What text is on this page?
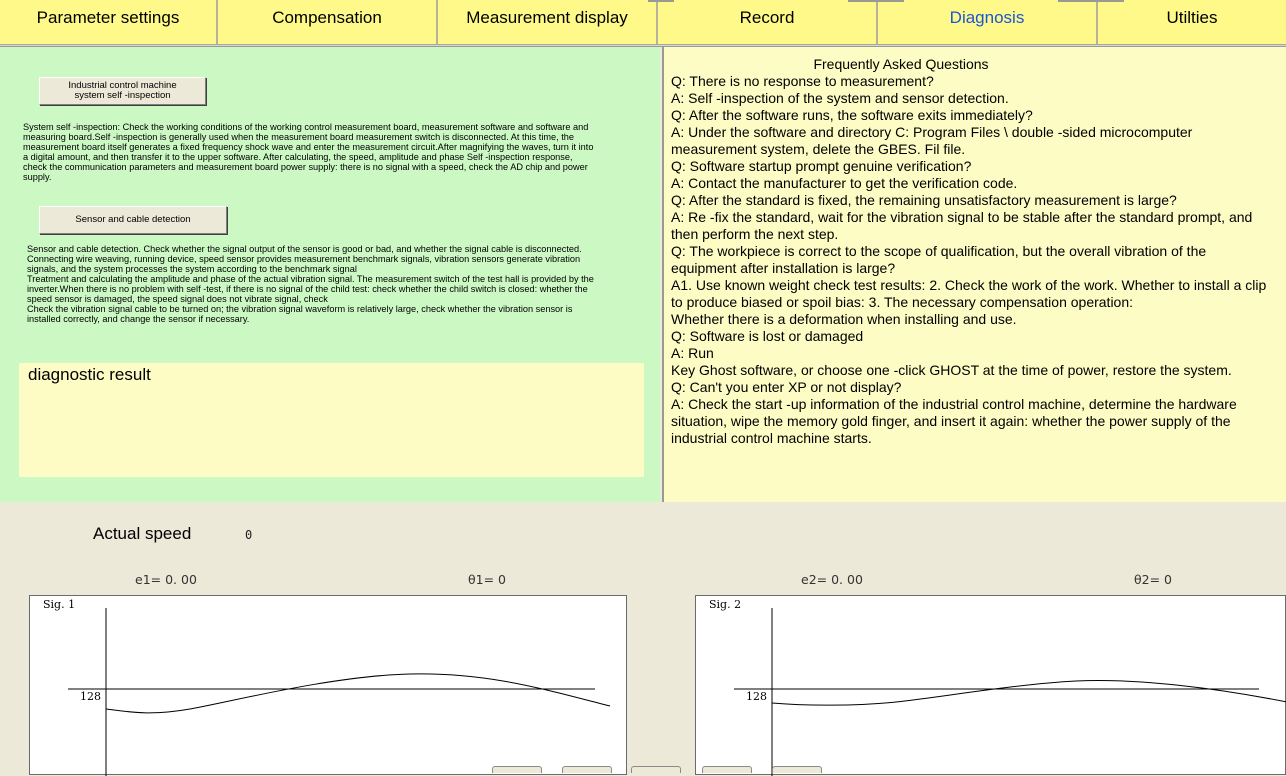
Parameter settings	Compensation	Measurement display	Record	Diagnosis	Utilties
Industrial control machine
system self -inspection
System self -inspection: Check the working conditions of the working control measurement board, measurement software and software and
measuring board.Self -inspection is generally used when the measurement board measurement switch is disconnected. At this time, the
measurement board itself generates a fixed frequency shock wave and enter the measurement circuit.After magnifying the waves, turn it into
a digital amount, and then transfer it to the upper software. After calculating, the speed, amplitude and phase Self -inspection response,
check the communication parameters and measurement board power supply: there is no signal with a speed, check the AD chip and power
supply.
Sensor and cable detection
Sensor and cable detection. Check whether the signal output of the sensor is good or bad, and whether the signal cable is disconnected.
Connecting wire weaving, running device, speed sensor provides measurement benchmark signals, vibration sensors generate vibration
signals, and the system processes the system according to the benchmark signal
Treatment and calculating the amplitude and phase of the actual vibration signal. The measurement switch of the test hall is provided by the
inverter.When there is no problem with self -test, if there is no signal of the child test: check whether the child switch is closed: whether the
speed sensor is damaged, the speed signal does not vibrate signal, check
Check the vibration signal cable to be turned on; the vibration signal waveform is relatively large, check whether the vibration sensor is
installed correctly, and change the sensor if necessary.
diagnostic result
Frequently Asked Questions
Q: There is no response to measurement?
A: Self -inspection of the system and sensor detection.
Q: After the software runs, the software exits immediately?
A: Under the software and directory C: Program Files \ double -sided microcomputer measurement system, delete the GBES. Fil file.
Q: Software startup prompt genuine verification?
A: Contact the manufacturer to get the verification code.
Q: After the standard is fixed, the remaining unsatisfactory measurement is large?
A: Re -fix the standard, wait for the vibration signal to be stable after the standard prompt, and then perform the next step.
Q: The workpiece is correct to the scope of qualification, but the overall vibration of the equipment after installation is large?
A1. Use known weight check test results: 2. Check the work of the work. Whether to install a clip to produce biased or spoil bias: 3. The necessary compensation operation:
Whether there is a deformation when installing and use.
Q: Software is lost or damaged
A: Run
Key Ghost software, or choose one -click GHOST at the time of power, restore the system.
Q: Can't you enter XP or not display?
A: Check the start -up information of the industrial control machine, determine the hardware situation, wipe the memory gold finger, and insert it again: whether the power supply of the industrial control machine starts.
Actual speed	0
e1= 0. 00	θ1= 0	e2= 0. 00	θ2= 0
Sig. 1
128
Sig. 2
128
